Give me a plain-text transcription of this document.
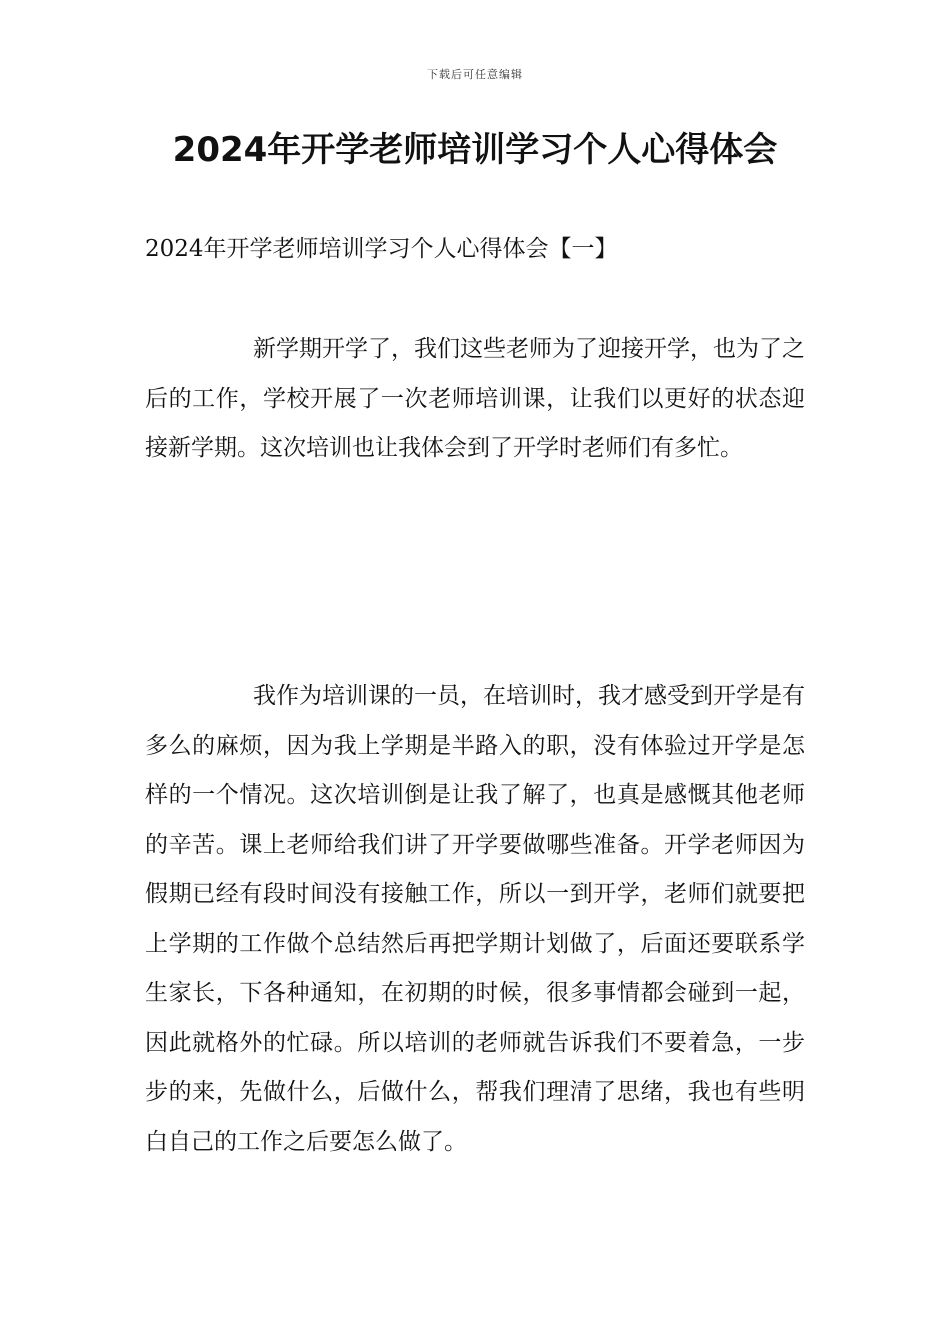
下载后可任意编辑
2024年开学老师培训学习个人心得体会

2024年开学老师培训学习个人心得体会【一】

新学期开学了，我们这些老师为了迎接开学，也为了之后的工作，学校开展了一次老师培训课，让我们以更好的状态迎接新学期。这次培训也让我体会到了开学时老师们有多忙。

我作为培训课的一员，在培训时，我才感受到开学是有多么的麻烦，因为我上学期是半路入的职，没有体验过开学是怎样的一个情况。这次培训倒是让我了解了，也真是感慨其他老师的辛苦。课上老师给我们讲了开学要做哪些准备。开学老师因为假期已经有段时间没有接触工作，所以一到开学，老师们就要把上学期的工作做个总结然后再把学期计划做了，后面还要联系学生家长，下各种通知，在初期的时候，很多事情都会碰到一起，因此就格外的忙碌。所以培训的老师就告诉我们不要着急，一步步的来，先做什么，后做什么，帮我们理清了思绪，我也有些明白自己的工作之后要怎么做了。
